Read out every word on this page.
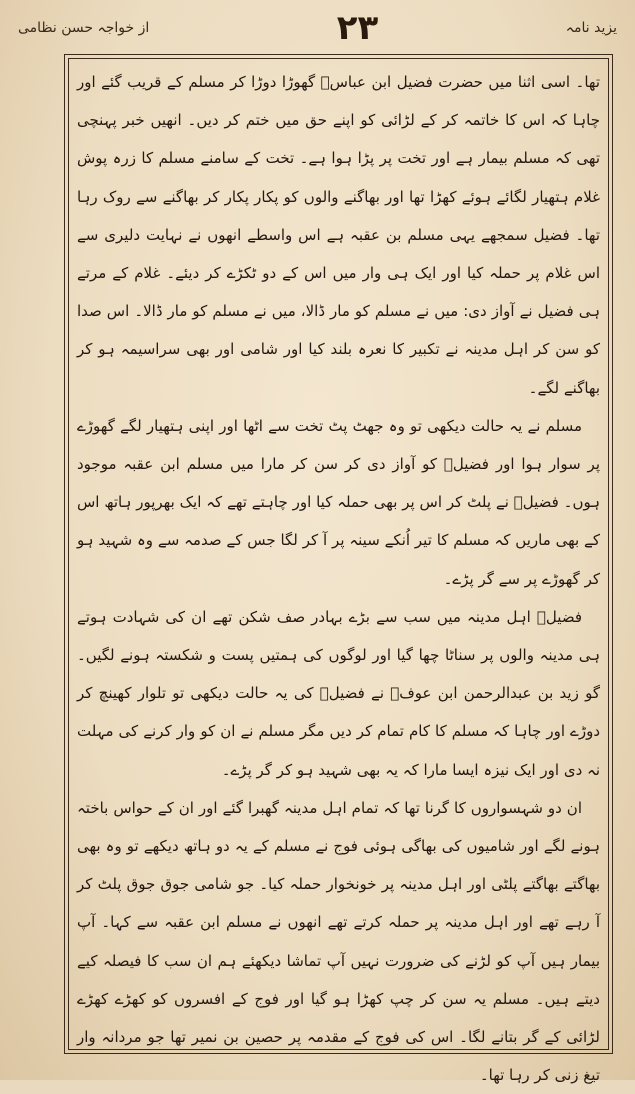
از خواجہ حسن نظامی	۲۳	یزید نامہ

تھا۔ اسی اثنا میں حضرت فضیل ابن عباسؓ گھوڑا دوڑا کر مسلم کے قریب گئے اور چاہا کہ اس کا خاتمہ کر کے لڑائی کو اپنے حق میں ختم کر دیں۔ انھیں خبر پہنچی تھی کہ مسلم بیمار ہے اور تخت پر پڑا ہوا ہے۔ تخت کے سامنے مسلم کا زرہ پوش غلام ہتھیار لگائے ہوئے کھڑا تھا اور بھاگنے والوں کو پکار پکار کر بھاگنے سے روک رہا تھا۔ فضیل سمجھے یہی مسلم بن عقبہ ہے اس واسطے انھوں نے نہایت دلیری سے اس غلام پر حملہ کیا اور ایک ہی وار میں اس کے دو ٹکڑے کر دیئے۔ غلام کے مرتے ہی فضیل نے آواز دی: میں نے مسلم کو مار ڈالا، میں نے مسلم کو مار ڈالا۔ اس صدا کو سن کر اہل مدینہ نے تکبیر کا نعرہ بلند کیا اور شامی اور بھی سراسیمہ ہو کر بھاگنے لگے۔

مسلم نے یہ حالت دیکھی تو وہ جھٹ پٹ تخت سے اٹھا اور اپنی ہتھیار لگے گھوڑے پر سوار ہوا اور فضیلؓ کو آواز دی کر سن کر مارا میں مسلم ابن عقبہ موجود ہوں۔ فضیلؓ نے پلٹ کر اس پر بھی حملہ کیا اور چاہتے تھے کہ ایک بھرپور ہاتھ اس کے بھی ماریں کہ مسلم کا تیر اُنکے سینہ پر آ کر لگا جس کے صدمہ سے وہ شہید ہو کر گھوڑے پر سے گر پڑے۔

فضیلؓ اہل مدینہ میں سب سے بڑے بہادر صف شکن تھے ان کی شہادت ہوتے ہی مدینہ والوں پر سناٹا چھا گیا اور لوگوں کی ہمتیں پست و شکستہ ہونے لگیں۔ گو زید بن عبدالرحمن ابن عوفؓ نے فضیلؓ کی یہ حالت دیکھی تو تلوار کھینچ کر دوڑے اور چاہا کہ مسلم کا کام تمام کر دیں مگر مسلم نے ان کو وار کرنے کی مہلت نہ دی اور ایک نیزہ ایسا مارا کہ یہ بھی شہید ہو کر گر پڑے۔

ان دو شہسواروں کا گرنا تھا کہ تمام اہل مدینہ گھبرا گئے اور ان کے حواس باختہ ہونے لگے اور شامیوں کی بھاگی ہوئی فوج نے مسلم کے یہ دو ہاتھ دیکھے تو وہ بھی بھاگتے بھاگتے پلٹی اور اہل مدینہ پر خونخوار حملہ کیا۔ جو شامی جوق جوق پلٹ کر آ رہے تھے اور اہل مدینہ پر حملہ کرتے تھے انھوں نے مسلم ابن عقبہ سے کہا۔ آپ بیمار ہیں آپ کو لڑنے کی ضرورت نہیں آپ تماشا دیکھئے ہم ان سب کا فیصلہ کیے دیتے ہیں۔ مسلم یہ سن کر چپ کھڑا ہو گیا اور فوج کے افسروں کو کھڑے کھڑے لڑائی کے گر بتانے لگا۔ اس کی فوج کے مقدمہ پر حصین بن نمیر تھا جو مردانہ وار تیغ زنی کر رہا تھا۔
